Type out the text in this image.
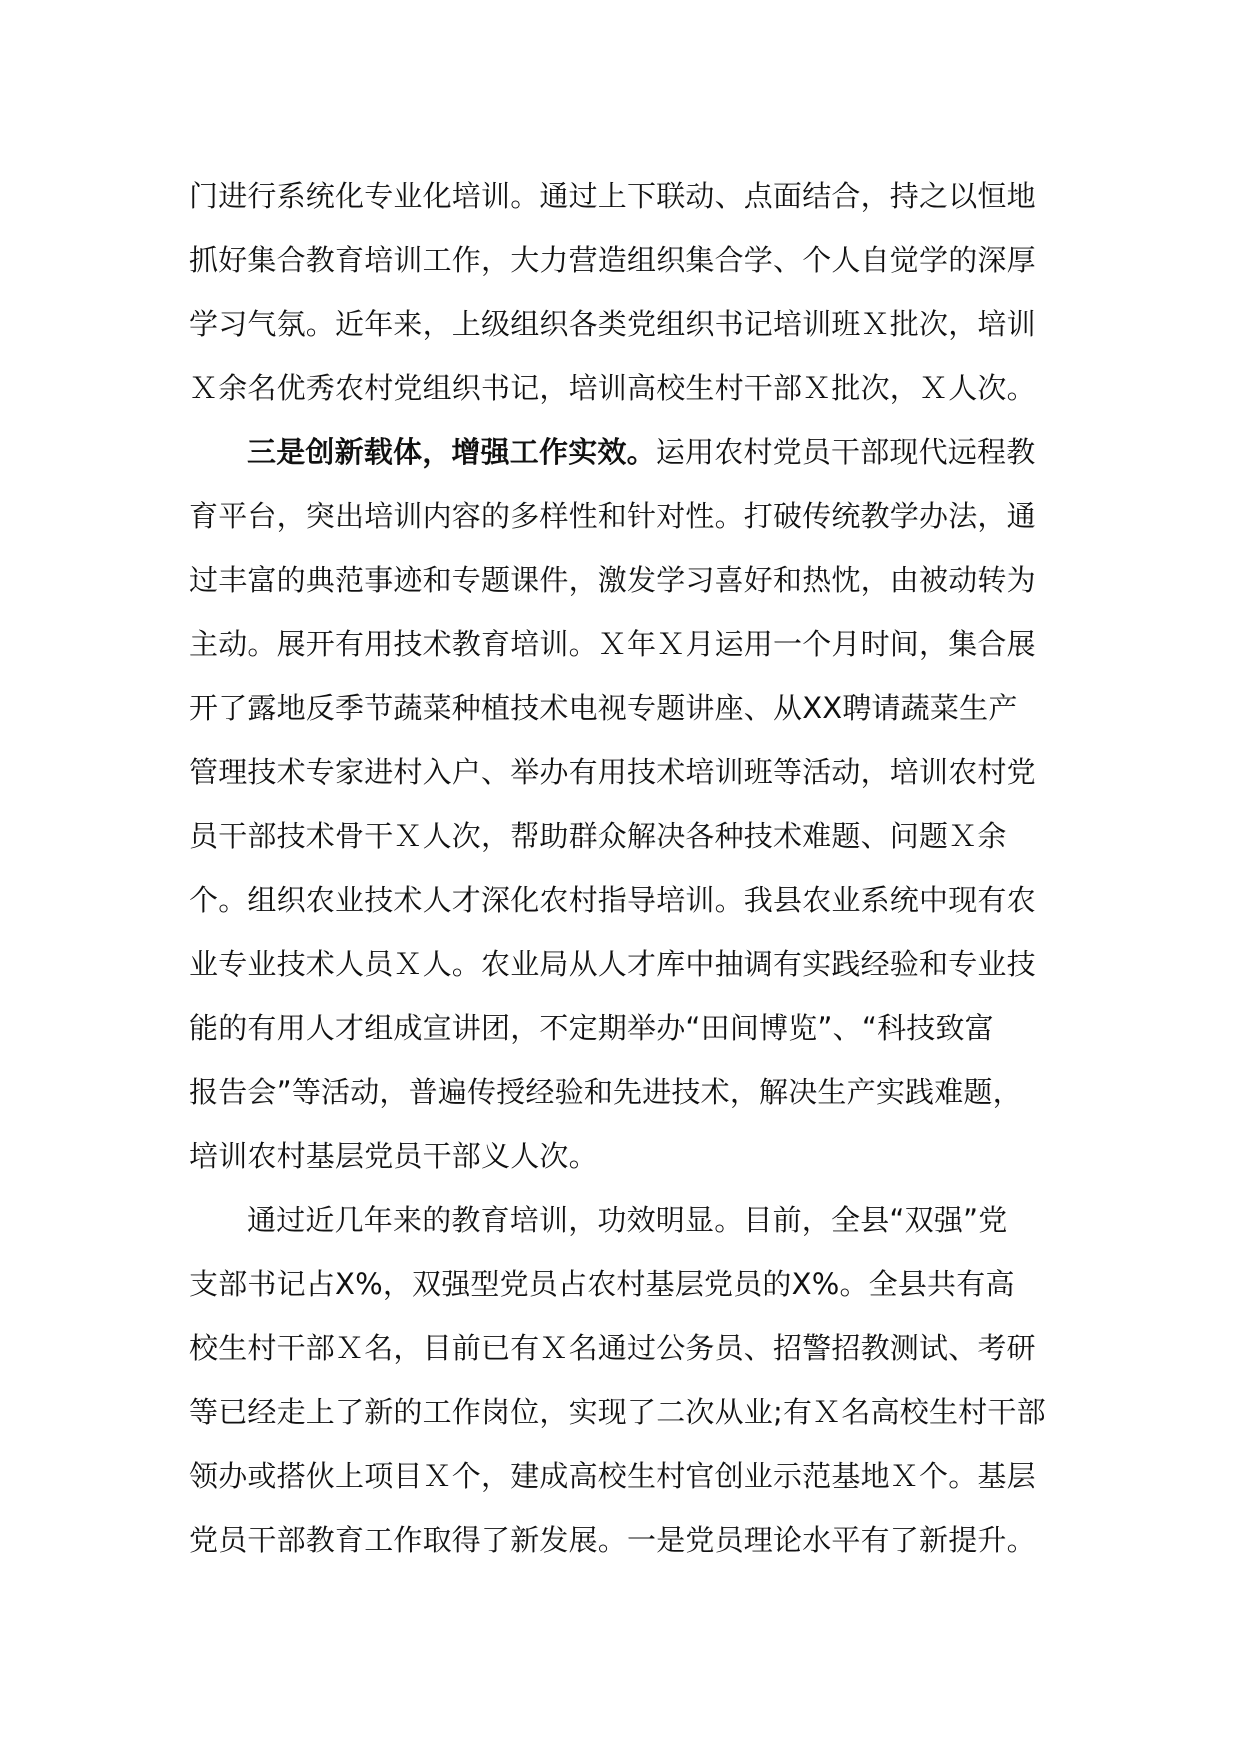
门进行系统化专业化培训。通过上下联动、点面结合，持之以恒地
抓好集合教育培训工作，大力营造组织集合学、个人自觉学的深厚
学习气氛。近年来，上级组织各类党组织书记培训班Ｘ批次，培训
Ｘ余名优秀农村党组织书记，培训高校生村干部Ｘ批次，Ｘ人次。
三是创新载体，增强工作实效。运用农村党员干部现代远程教
育平台，突出培训内容的多样性和针对性。打破传统教学办法，通
过丰富的典范事迹和专题课件，激发学习喜好和热忱，由被动转为
主动。展开有用技术教育培训。Ｘ年Ｘ月运用一个月时间，集合展
开了露地反季节蔬菜种植技术电视专题讲座、从XX聘请蔬菜生产
管理技术专家进村入户、举办有用技术培训班等活动，培训农村党
员干部技术骨干Ｘ人次，帮助群众解决各种技术难题、问题Ｘ余
个。组织农业技术人才深化农村指导培训。我县农业系统中现有农
业专业技术人员Ｘ人。农业局从人才库中抽调有实践经验和专业技
能的有用人才组成宣讲团，不定期举办“田间博览”、“科技致富
报告会”等活动，普遍传授经验和先进技术，解决生产实践难题，
培训农村基层党员干部义人次。
通过近几年来的教育培训，功效明显。目前，全县“双强”党
支部书记占X%，双强型党员占农村基层党员的X%。全县共有高
校生村干部Ｘ名，目前已有Ｘ名通过公务员、招警招教测试、考研
等已经走上了新的工作岗位，实现了二次从业;有Ｘ名高校生村干部
领办或搭伙上项目Ｘ个，建成高校生村官创业示范基地Ｘ个。基层
党员干部教育工作取得了新发展。一是党员理论水平有了新提升。
